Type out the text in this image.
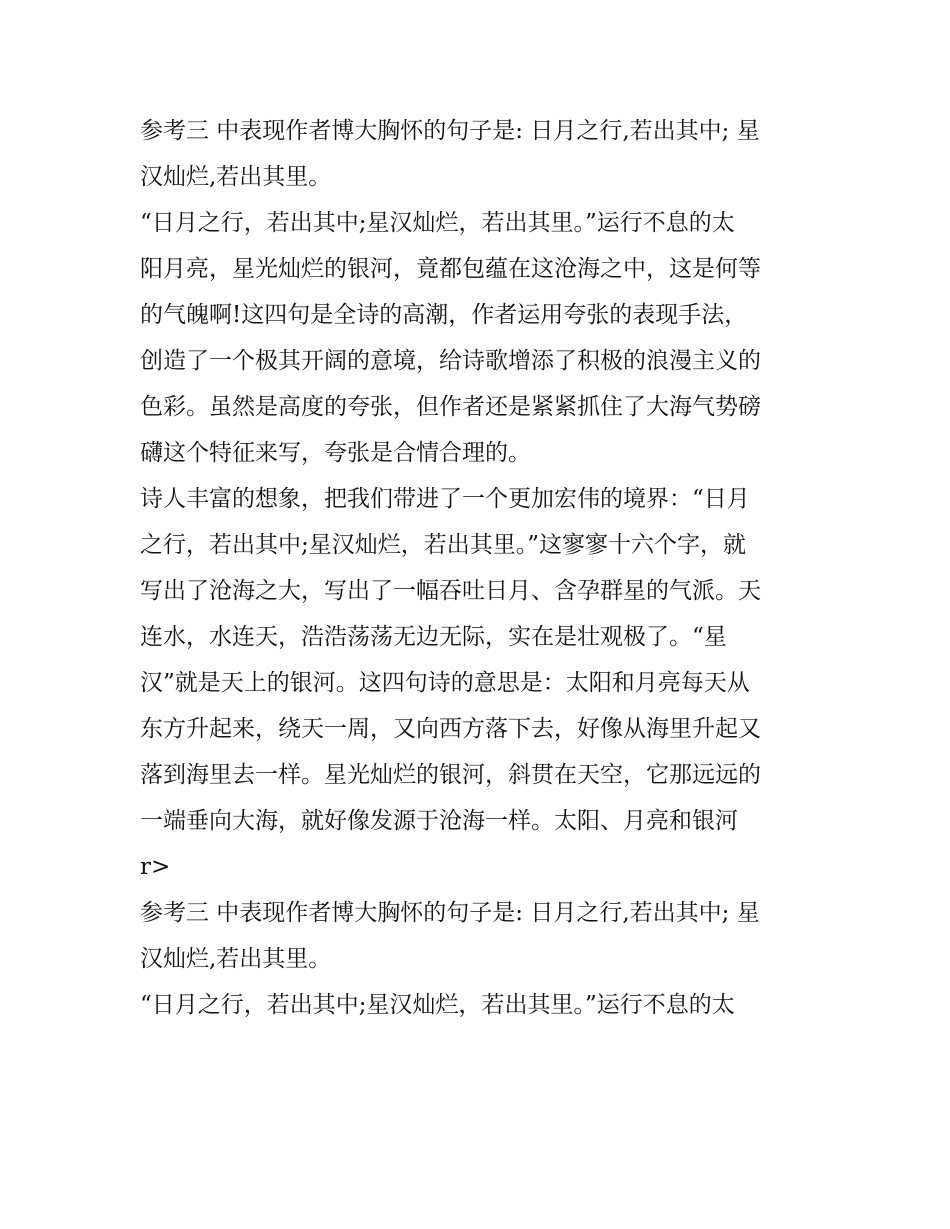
参考三 中表现作者博大胸怀的句子是: 日月之行,若出其中; 星
汉灿烂,若出其里。

“日月之行，若出其中;星汉灿烂，若出其里。”运行不息的太
阳月亮，星光灿烂的银河，竟都包蕴在这沧海之中，这是何等
的气魄啊!这四句是全诗的高潮，作者运用夸张的表现手法，
创造了一个极其开阔的意境，给诗歌增添了积极的浪漫主义的
色彩。虽然是高度的夸张，但作者还是紧紧抓住了大海气势磅
礴这个特征来写，夸张是合情合理的。

诗人丰富的想象，把我们带进了一个更加宏伟的境界：“日月
之行，若出其中;星汉灿烂，若出其里。”这寥寥十六个字，就
写出了沧海之大，写出了一幅吞吐日月、含孕群星的气派。天
连水，水连天，浩浩荡荡无边无际，实在是壮观极了。“星
汉”就是天上的银河。这四句诗的意思是：太阳和月亮每天从
东方升起来，绕天一周，又向西方落下去，好像从海里升起又
落到海里去一样。星光灿烂的银河，斜贯在天空，它那远远的
一端垂向大海，就好像发源于沧海一样。太阳、月亮和银河

r>

参考三 中表现作者博大胸怀的句子是: 日月之行,若出其中; 星
汉灿烂,若出其里。

“日月之行，若出其中;星汉灿烂，若出其里。”运行不息的太
